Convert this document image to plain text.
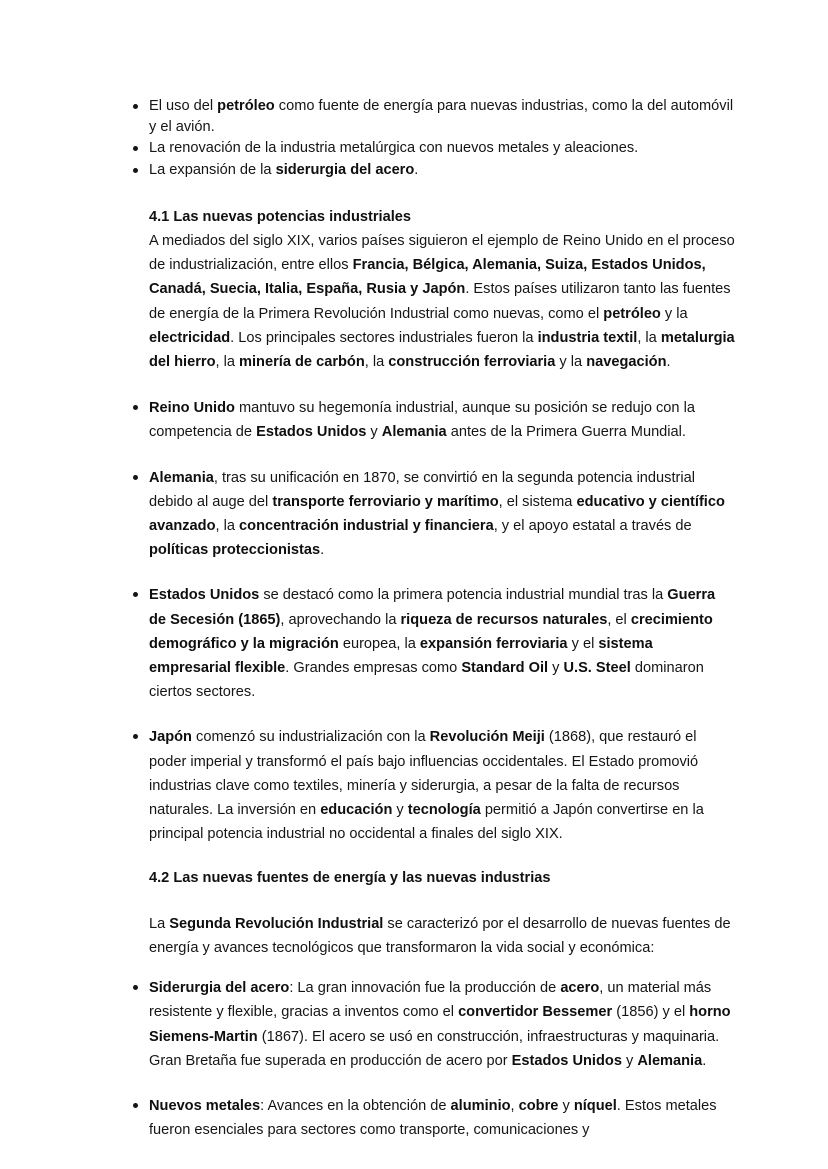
El uso del petróleo como fuente de energía para nuevas industrias, como la del automóvil y el avión.
La renovación de la industria metalúrgica con nuevos metales y aleaciones.
La expansión de la siderurgia del acero.
4.1 Las nuevas potencias industriales
A mediados del siglo XIX, varios países siguieron el ejemplo de Reino Unido en el proceso de industrialización, entre ellos Francia, Bélgica, Alemania, Suiza, Estados Unidos, Canadá, Suecia, Italia, España, Rusia y Japón. Estos países utilizaron tanto las fuentes de energía de la Primera Revolución Industrial como nuevas, como el petróleo y la electricidad. Los principales sectores industriales fueron la industria textil, la metalurgia del hierro, la minería de carbón, la construcción ferroviaria y la navegación.
Reino Unido mantuvo su hegemonía industrial, aunque su posición se redujo con la competencia de Estados Unidos y Alemania antes de la Primera Guerra Mundial.
Alemania, tras su unificación en 1870, se convirtió en la segunda potencia industrial debido al auge del transporte ferroviario y marítimo, el sistema educativo y científico avanzado, la concentración industrial y financiera, y el apoyo estatal a través de políticas proteccionistas.
Estados Unidos se destacó como la primera potencia industrial mundial tras la Guerra de Secesión (1865), aprovechando la riqueza de recursos naturales, el crecimiento demográfico y la migración europea, la expansión ferroviaria y el sistema empresarial flexible. Grandes empresas como Standard Oil y U.S. Steel dominaron ciertos sectores.
Japón comenzó su industrialización con la Revolución Meiji (1868), que restauró el poder imperial y transformó el país bajo influencias occidentales. El Estado promovió industrias clave como textiles, minería y siderurgia, a pesar de la falta de recursos naturales. La inversión en educación y tecnología permitió a Japón convertirse en la principal potencia industrial no occidental a finales del siglo XIX.
4.2 Las nuevas fuentes de energía y las nuevas industrias
La Segunda Revolución Industrial se caracterizó por el desarrollo de nuevas fuentes de energía y avances tecnológicos que transformaron la vida social y económica:
Siderurgia del acero: La gran innovación fue la producción de acero, un material más resistente y flexible, gracias a inventos como el convertidor Bessemer (1856) y el horno Siemens-Martin (1867). El acero se usó en construcción, infraestructuras y maquinaria. Gran Bretaña fue superada en producción de acero por Estados Unidos y Alemania.
Nuevos metales: Avances en la obtención de aluminio, cobre y níquel. Estos metales fueron esenciales para sectores como transporte, comunicaciones y
